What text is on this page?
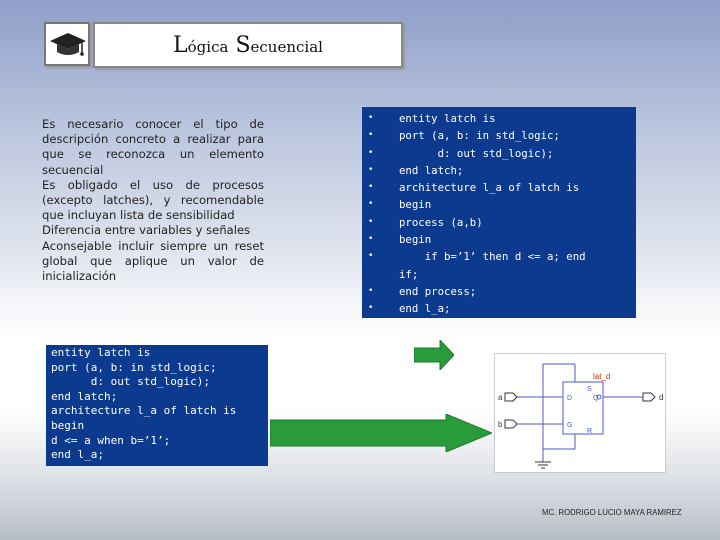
Lógica Secuencial

Es necesario conocer el tipo de descripción concreto a realizar para que se reconozca un elemento secuencial

Es obligado el uso de procesos (excepto latches), y recomendable que incluyan lista de sensibilidad

Diferencia entre variables y señales

Aconsejable incluir siempre un reset global que aplique un valor de inicialización

•	entity latch is
•	port (a, b: in std_logic;
•	d: out std_logic);
•	end latch;
•	architecture l_a of latch is
•	begin
•	process (a,b)
•	begin
•	if b=’1’ then d <= a; end
if;
•	end process;
•	end l_a;
entity latch is
port (a, b: in std_logic;
d: out std_logic);
end latch;
architecture l_a of latch is
begin
d <= a when b=’1’;
end l_a;
a
b
d
lat_d
S
D	Q
G
R
MC. RODRIGO LUCIO MAYA RAMIREZ
